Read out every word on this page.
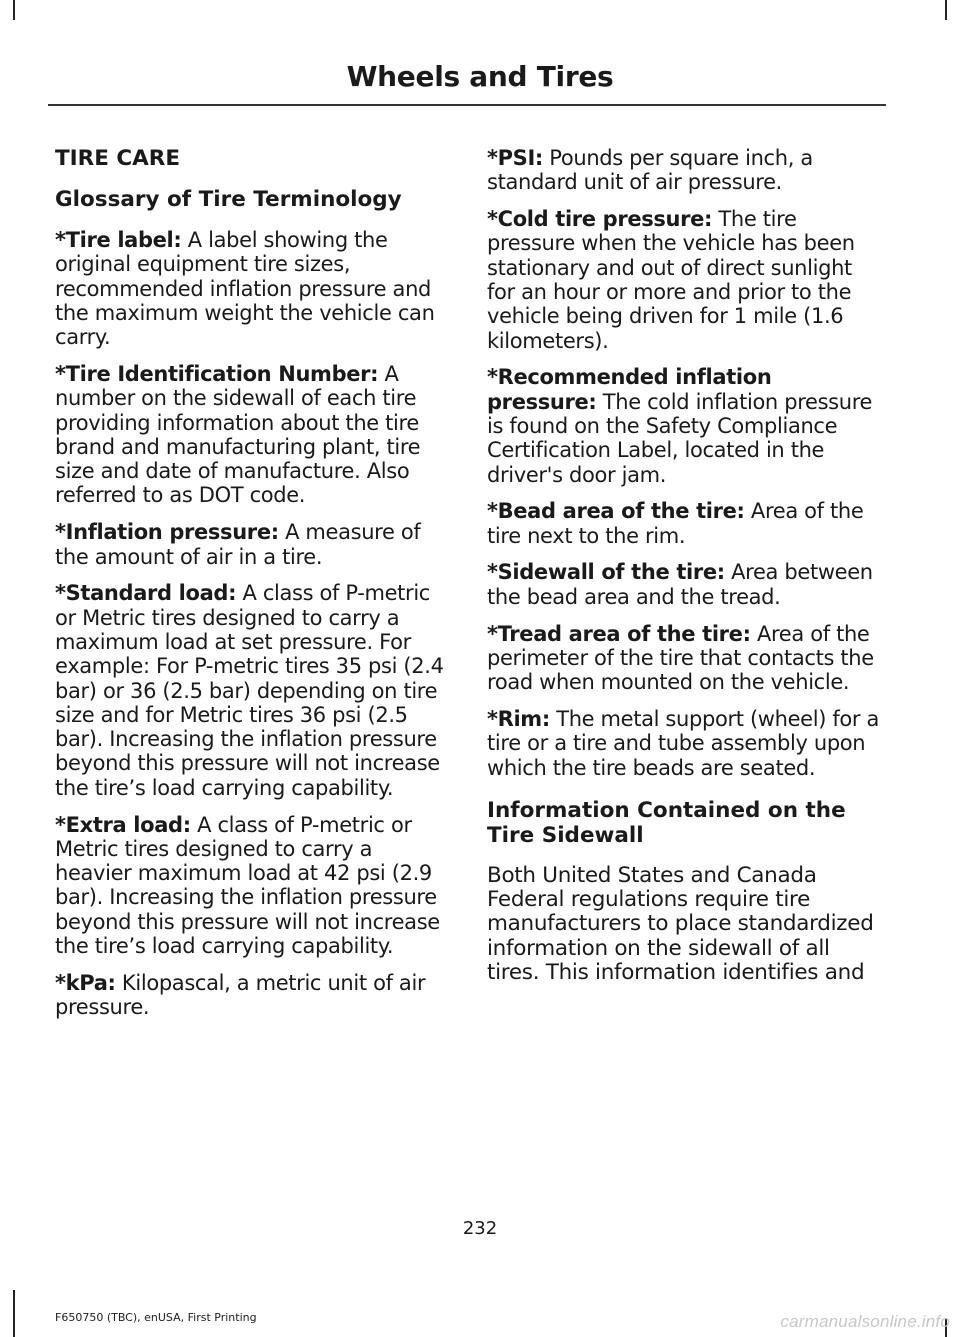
Wheels and Tires
TIRE CARE
Glossary of Tire Terminology

*Tire label: A label showing the original equipment tire sizes, recommended inflation pressure and the maximum weight the vehicle can carry.

*Tire Identification Number: A number on the sidewall of each tire providing information about the tire brand and manufacturing plant, tire size and date of manufacture. Also referred to as DOT code.

*Inflation pressure: A measure of the amount of air in a tire.

*Standard load: A class of P-metric or Metric tires designed to carry a maximum load at set pressure. For example: For P-metric tires 35 psi (2.4 bar) or 36 (2.5 bar) depending on tire size and for Metric tires 36 psi (2.5 bar). Increasing the inflation pressure beyond this pressure will not increase the tire’s load carrying capability.

*Extra load: A class of P-metric or Metric tires designed to carry a heavier maximum load at 42 psi (2.9 bar). Increasing the inflation pressure beyond this pressure will not increase the tire’s load carrying capability.

*kPa: Kilopascal, a metric unit of air pressure.

*PSI: Pounds per square inch, a standard unit of air pressure.

*Cold tire pressure: The tire pressure when the vehicle has been stationary and out of direct sunlight for an hour or more and prior to the vehicle being driven for 1 mile (1.6 kilometers).

*Recommended inflation pressure: The cold inflation pressure is found on the Safety Compliance Certification Label, located in the driver's door jam.

*Bead area of the tire: Area of the tire next to the rim.

*Sidewall of the tire: Area between the bead area and the tread.

*Tread area of the tire: Area of the perimeter of the tire that contacts the road when mounted on the vehicle.

*Rim: The metal support (wheel) for a tire or a tire and tube assembly upon which the tire beads are seated.

Information Contained on the Tire Sidewall

Both United States and Canada Federal regulations require tire manufacturers to place standardized information on the sidewall of all tires. This information identifies and

232
F650750 (TBC), enUSA, First Printing	carmanualsonline.info
